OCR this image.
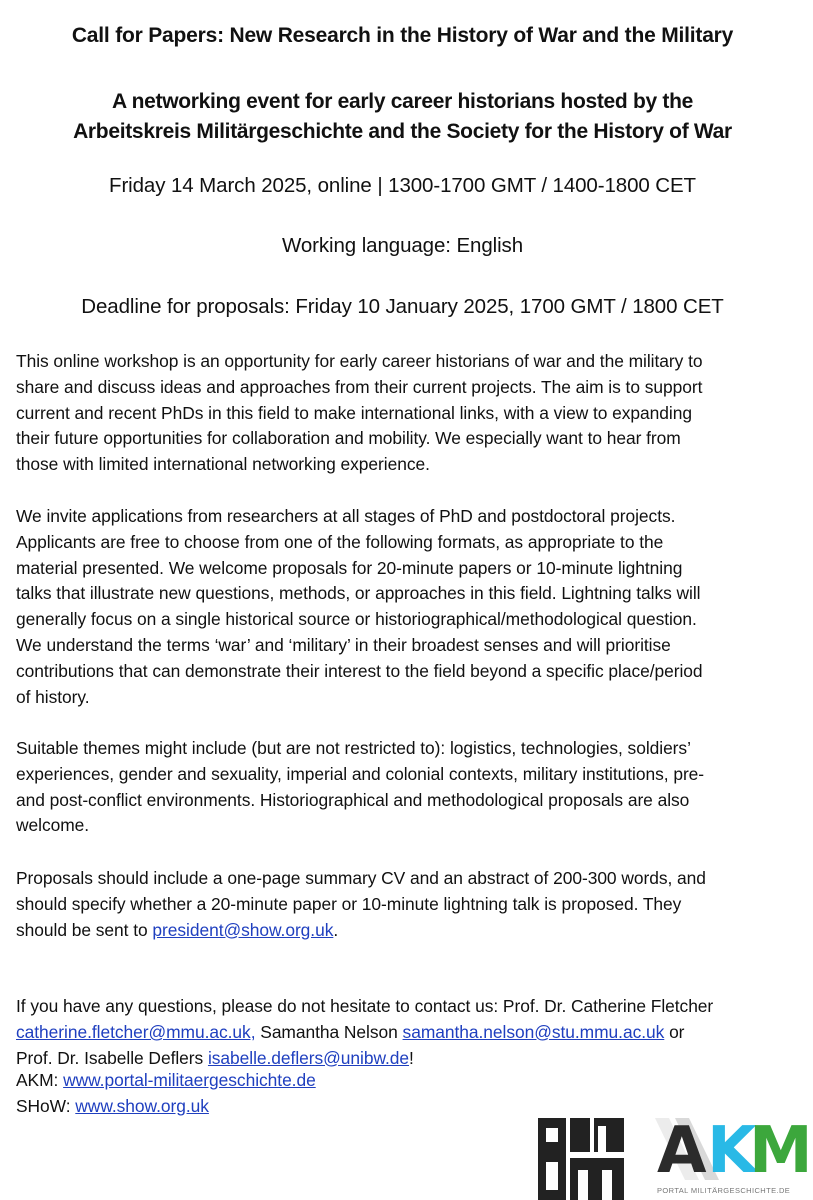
Call for Papers: New Research in the History of War and the Military
A networking event for early career historians hosted by the
Arbeitskreis Militärgeschichte and the Society for the History of War
Friday 14 March 2025, online | 1300-1700 GMT / 1400-1800 CET
Working language: English
Deadline for proposals: Friday 10 January 2025, 1700 GMT / 1800 CET
This online workshop is an opportunity for early career historians of war and the military to
share and discuss ideas and approaches from their current projects. The aim is to support
current and recent PhDs in this field to make international links, with a view to expanding
their future opportunities for collaboration and mobility. We especially want to hear from
those with limited international networking experience.
We invite applications from researchers at all stages of PhD and postdoctoral projects.
Applicants are free to choose from one of the following formats, as appropriate to the
material presented. We welcome proposals for 20-minute papers or 10-minute lightning
talks that illustrate new questions, methods, or approaches in this field. Lightning talks will
generally focus on a single historical source or historiographical/methodological question.
We understand the terms ‘war’ and ‘military’ in their broadest senses and will prioritise
contributions that can demonstrate their interest to the field beyond a specific place/period
of history.
Suitable themes might include (but are not restricted to): logistics, technologies, soldiers’
experiences, gender and sexuality, imperial and colonial contexts, military institutions, pre-
and post-conflict environments. Historiographical and methodological proposals are also
welcome.
Proposals should include a one-page summary CV and an abstract of 200-300 words, and
should specify whether a 20-minute paper or 10-minute lightning talk is proposed. They
should be sent to president@show.org.uk.
If you have any questions, please do not hesitate to contact us: Prof. Dr. Catherine Fletcher
catherine.fletcher@mmu.ac.uk, Samantha Nelson samantha.nelson@stu.mmu.ac.uk or
Prof. Dr. Isabelle Deflers isabelle.deflers@unibw.de!
AKM: www.portal-militaergeschichte.de
SHoW: www.show.org.uk
A K
M
PORTAL MILITÄRGESCHICHTE.DE
